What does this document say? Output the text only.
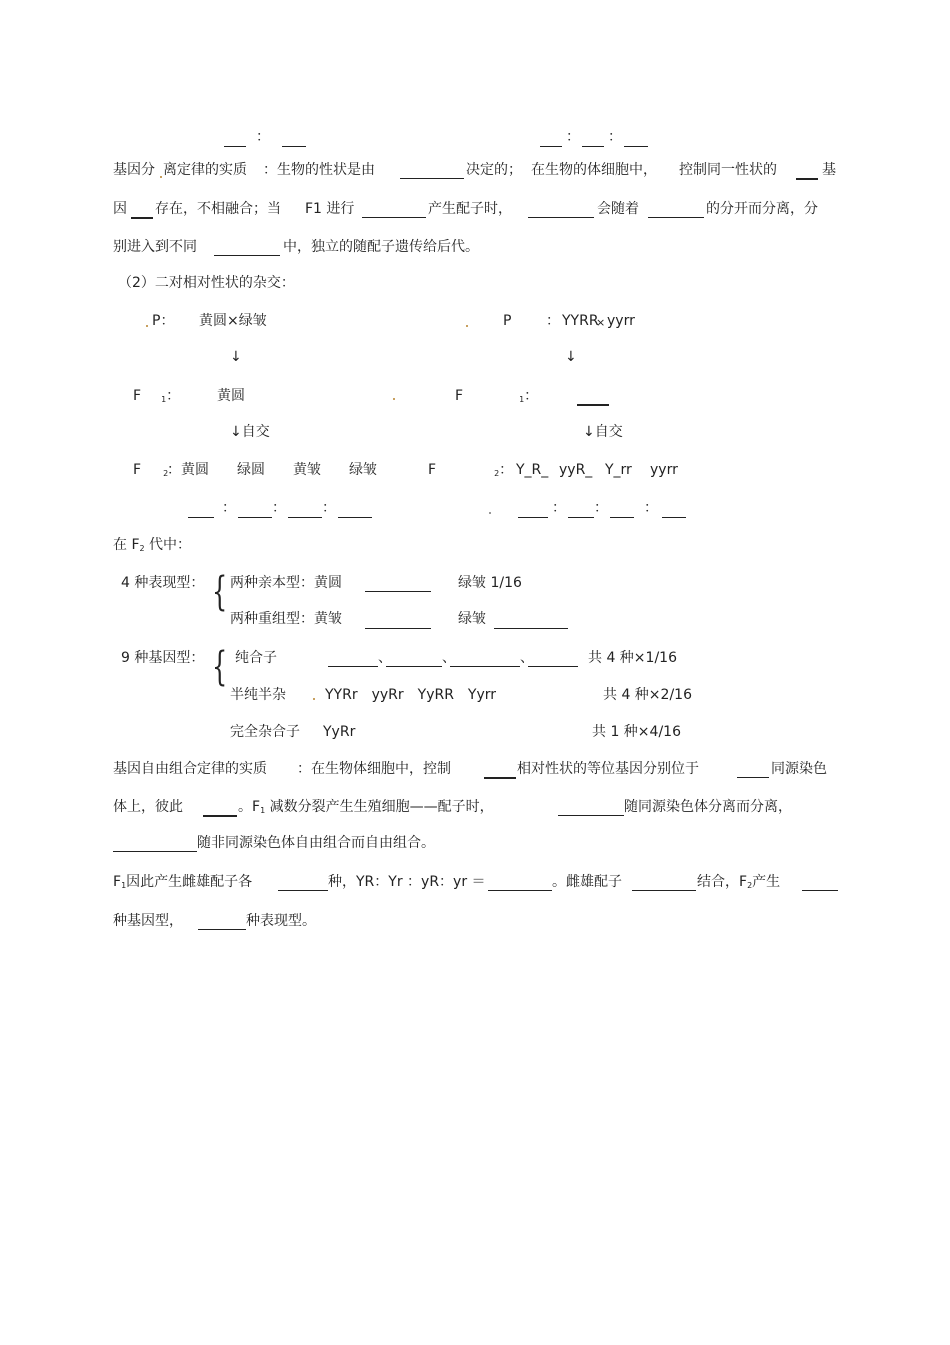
：	： ：
基因分 离定律的实质 ：生物的性状是由	决定的； 在生物的体细胞中， 控制同一性状的	基
因 存在，不相融合；当 F1 进行	产生配子时，	会随着	的分开而分离，分
别进入到不同	中，独立的随配子遗传给后代。
（2）二对相对性状的杂交：
P： 黄圆×绿皱
↓
F	$_1$：	黄圆
↓自交
F	$_2$
：黄圆　　绿圆　　黄皱　　绿皱
：	：	：
P ： YYRR
× yyrr
↓
F	$_1$：
↓自交
F	$_2$： Y_R_ yyR_ Y_rr yyrr
： ：	：
在 $F_2$ 代中：
4 种表现型： { 两种亲本型：黄圆	绿皱 1/16
两种重组型：黄皱	绿皱
9 种基因型： { 纯合子	、	、	、	共 4 种×1/16
半纯半杂	YYRr　yyRr　YyRR　Yyrr	共 4 种×2/16
完全杂合子 YyRr	共 1 种×4/16
基因自由组合定律的实质 ：在生物体细胞中，控制	相对性状的等位基因分别位于	同源染色
体上，彼此	。$F_1$ 减数分裂产生生殖细胞——配子时，	随同源染色体分离而分离，
随非同源染色体自由组合而自由组合。
$F_1$因此产生雌雄配子各	种，YR：Yr ：yR：yr ＝	。雌雄配子	结合，$F_2$产生
种基因型，	种表现型。
